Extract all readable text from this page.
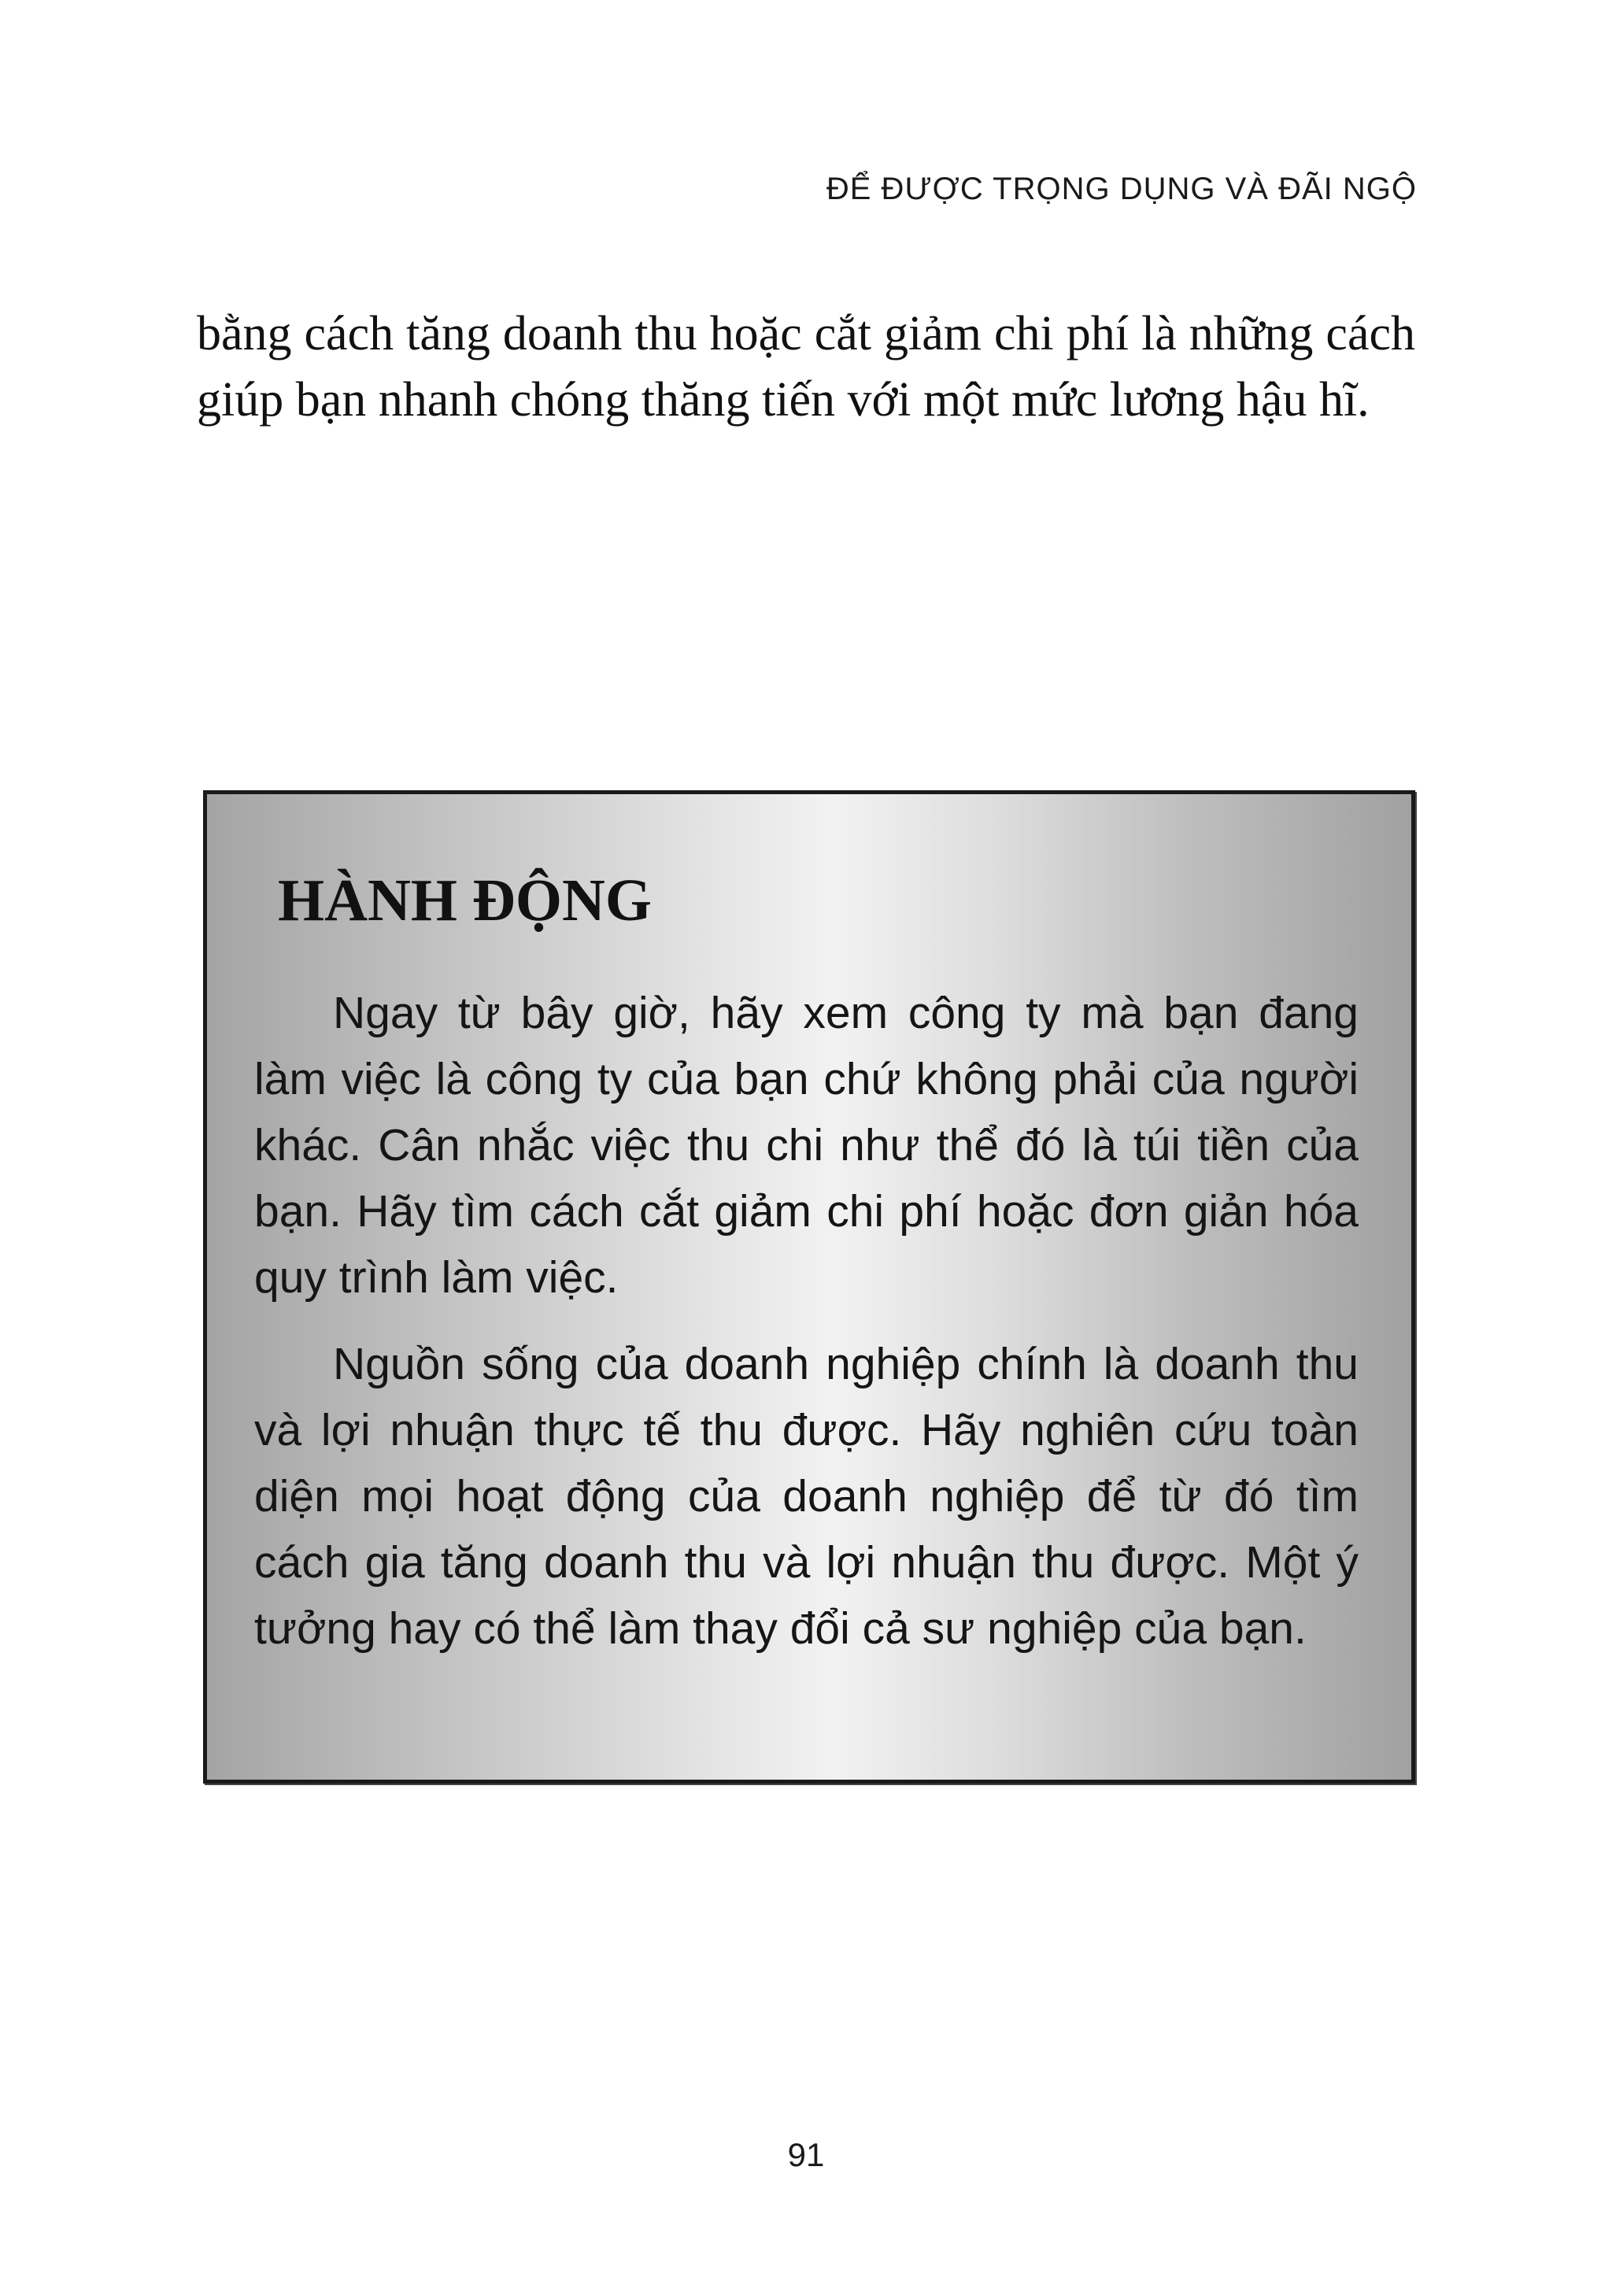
ĐỂ ĐƯỢC TRỌNG DỤNG VÀ ĐÃI NGỘ

bằng cách tăng doanh thu hoặc cắt giảm chi phí là những cách giúp bạn nhanh chóng thăng tiến với một mức lương hậu hĩ.

HÀNH ĐỘNG

Ngay từ bây giờ, hãy xem công ty mà bạn đang làm việc là công ty của bạn chứ không phải của người khác. Cân nhắc việc thu chi như thể đó là túi tiền của bạn. Hãy tìm cách cắt giảm chi phí hoặc đơn giản hóa quy trình làm việc.

Nguồn sống của doanh nghiệp chính là doanh thu và lợi nhuận thực tế thu được. Hãy nghiên cứu toàn diện mọi hoạt động của doanh nghiệp để từ đó tìm cách gia tăng doanh thu và lợi nhuận thu được. Một ý tưởng hay có thể làm thay đổi cả sư nghiệp của bạn.

91
